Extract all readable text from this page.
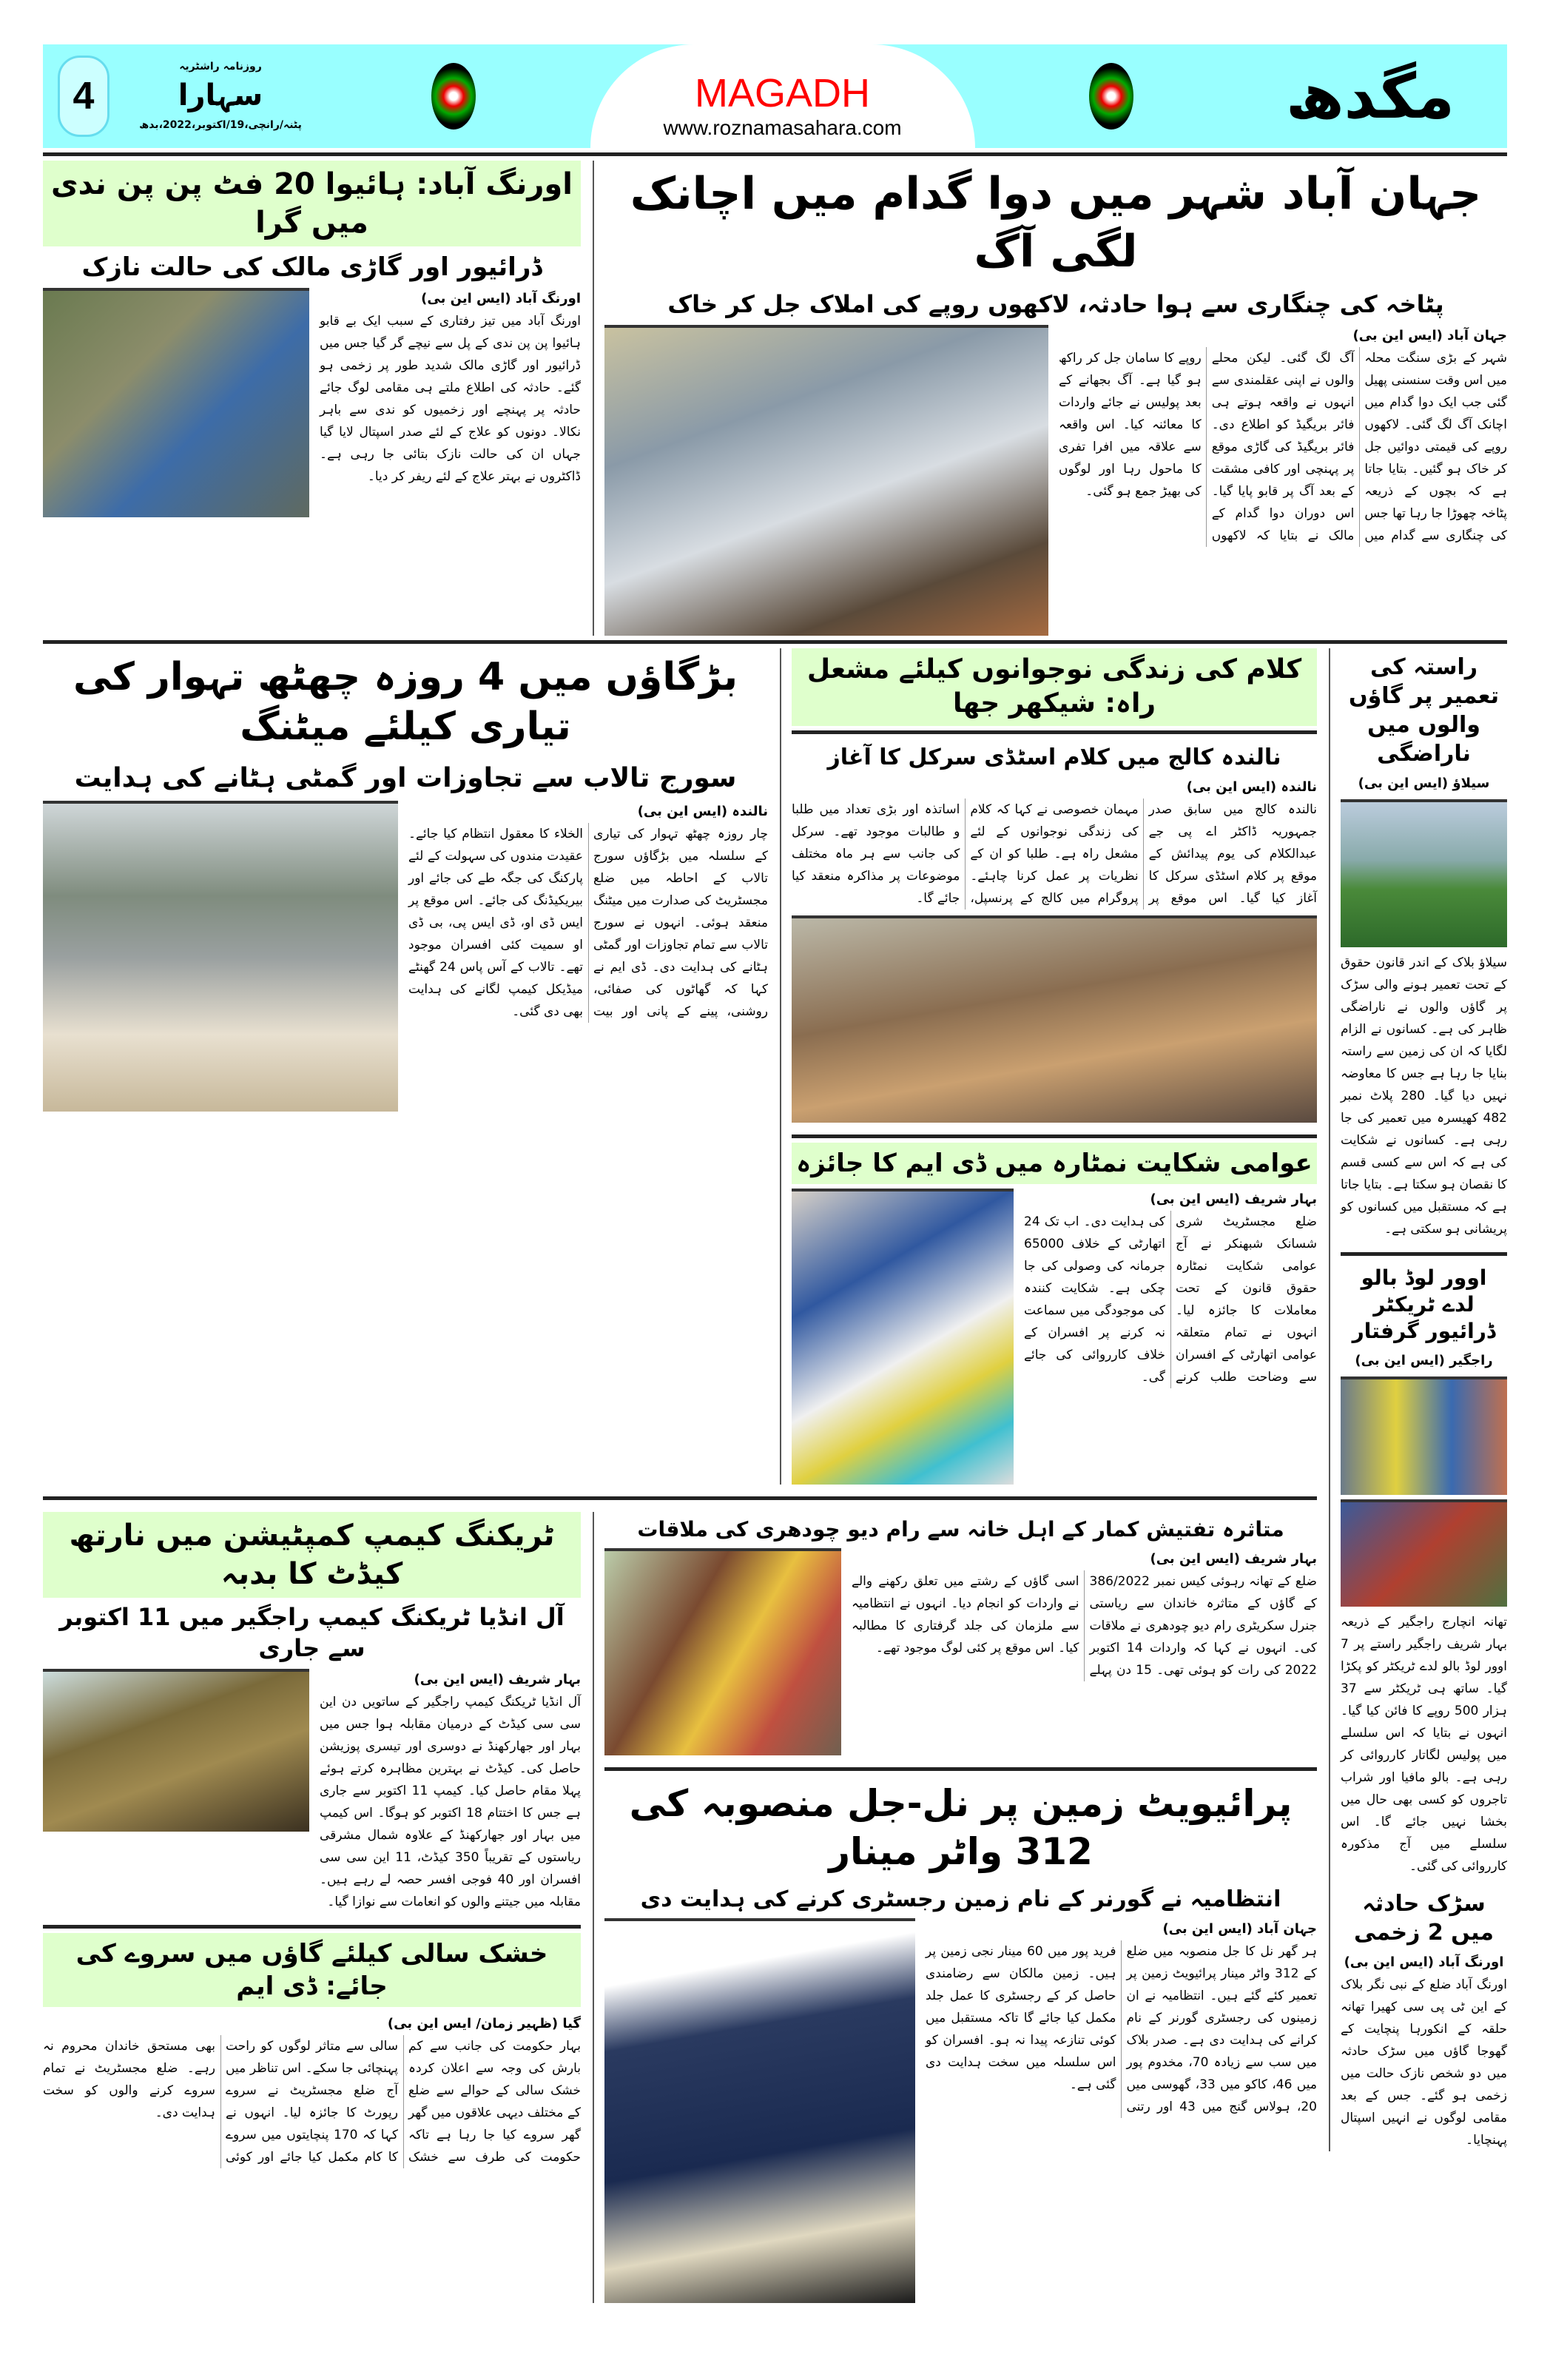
4
روزنامہ راشٹریہ
سہارا
پٹنہ/رانچی،19/اکتوبر،2022،بدھ
MAGADH
www.roznamasahara.com	مگدھ
اورنگ آباد: ہائیوا 20 فٹ پن پن ندی میں گرا
ڈرائیور اور گاڑی مالک کی حالت نازک
اورنگ آباد (ایس این بی)
اورنگ آباد میں تیز رفتاری کے سبب ایک بے قابو ہائیوا پن پن ندی کے پل سے نیچے گر گیا جس میں ڈرائیور اور گاڑی مالک شدید طور پر زخمی ہو گئے۔ حادثہ کی اطلاع ملتے ہی مقامی لوگ جائے حادثہ پر پہنچے اور زخمیوں کو ندی سے باہر نکالا۔ دونوں کو علاج کے لئے صدر اسپتال لایا گیا جہاں ان کی حالت نازک بتائی جا رہی ہے۔ ڈاکٹروں نے بہتر علاج کے لئے ریفر کر دیا۔
جہان آباد شہر میں دوا گدام میں اچانک لگی آگ
پٹاخہ کی چنگاری سے ہوا حادثہ، لاکھوں روپے کی املاک جل کر خاک
جہان آباد (ایس این بی)
شہر کے بڑی سنگت محلہ میں اس وقت سنسنی پھیل گئی جب ایک دوا گدام میں اچانک آگ لگ گئی۔ لاکھوں روپے کی قیمتی دوائیں جل کر خاک ہو گئیں۔ بتایا جاتا ہے کہ بچوں کے ذریعہ پٹاخہ چھوڑا جا رہا تھا جس کی چنگاری سے گدام میں آگ لگ گئی۔ لیکن محلے والوں نے اپنی عقلمندی سے انہوں نے واقعہ ہوتے ہی فائر بریگیڈ کو اطلاع دی۔ فائر بریگیڈ کی گاڑی موقع پر پہنچی اور کافی مشقت کے بعد آگ پر قابو پایا گیا۔ اس دوران دوا گدام کے مالک نے بتایا کہ لاکھوں روپے کا سامان جل کر راکھ ہو گیا ہے۔ آگ بجھانے کے بعد پولیس نے جائے واردات کا معائنہ کیا۔ اس واقعہ سے علاقہ میں افرا تفری کا ماحول رہا اور لوگوں کی بھیڑ جمع ہو گئی۔
بڑگاؤں میں 4 روزہ چھٹھ تہوار کی تیاری کیلئے میٹنگ
سورج تالاب سے تجاوزات اور گمٹی ہٹانے کی ہدایت
نالندہ (ایس این بی)
چار روزہ چھٹھ تہوار کی تیاری کے سلسلہ میں بڑگاؤں سورج تالاب کے احاطہ میں ضلع مجسٹریٹ کی صدارت میں میٹنگ منعقد ہوئی۔ انہوں نے سورج تالاب سے تمام تجاوزات اور گمٹی ہٹانے کی ہدایت دی۔ ڈی ایم نے کہا کہ گھاٹوں کی صفائی، روشنی، پینے کے پانی اور بیت الخلاء کا معقول انتظام کیا جائے۔ عقیدت مندوں کی سہولت کے لئے پارکنگ کی جگہ طے کی جائے اور بیریکیڈنگ کی جائے۔ اس موقع پر ایس ڈی او، ڈی ایس پی، بی ڈی او سمیت کئی افسران موجود تھے۔ تالاب کے آس پاس 24 گھنٹے میڈیکل کیمپ لگانے کی ہدایت بھی دی گئی۔
کلام کی زندگی نوجوانوں کیلئے مشعل راہ: شیکھر جھا
نالندہ کالج میں کلام اسٹڈی سرکل کا آغاز
نالندہ (ایس این بی)
نالندہ کالج میں سابق صدر جمہوریہ ڈاکٹر اے پی جے عبدالکلام کی یوم پیدائش کے موقع پر کلام اسٹڈی سرکل کا آغاز کیا گیا۔ اس موقع پر مہمان خصوصی نے کہا کہ کلام کی زندگی نوجوانوں کے لئے مشعل راہ ہے۔ طلبا کو ان کے نظریات پر عمل کرنا چاہئے۔ پروگرام میں کالج کے پرنسپل، اساتذہ اور بڑی تعداد میں طلبا و طالبات موجود تھے۔ سرکل کی جانب سے ہر ماہ مختلف موضوعات پر مذاکرہ منعقد کیا جائے گا۔
عوامی شکایت نمٹارہ میں ڈی ایم کا جائزہ
بہار شریف (ایس این بی)
ضلع مجسٹریٹ شری شسانک شبھنکر نے آج عوامی شکایت نمٹارہ حقوق قانون کے تحت معاملات کا جائزہ لیا۔ انہوں نے تمام متعلقہ عوامی اتھارٹی کے افسران سے وضاحت طلب کرنے کی ہدایت دی۔ اب تک 24 اتھارٹی کے خلاف 65000 جرمانہ کی وصولی کی جا چکی ہے۔ شکایت کنندہ کی موجودگی میں سماعت نہ کرنے پر افسران کے خلاف کارروائی کی جائے گی۔
ٹریکنگ کیمپ کمپٹیشن میں نارتھ کیڈٹ کا بدبہ
آل انڈیا ٹریکنگ کیمپ راجگیر میں 11 اکتوبر سے جاری
بہار شریف (ایس این بی)
آل انڈیا ٹریکنگ کیمپ راجگیر کے ساتویں دن این سی سی کیڈٹ کے درمیان مقابلہ ہوا جس میں بہار اور جھارکھنڈ نے دوسری اور تیسری پوزیشن حاصل کی۔ کیڈٹ نے بہترین مظاہرہ کرتے ہوئے پہلا مقام حاصل کیا۔ کیمپ 11 اکتوبر سے جاری ہے جس کا اختتام 18 اکتوبر کو ہوگا۔ اس کیمپ میں بہار اور جھارکھنڈ کے علاوہ شمال مشرقی ریاستوں کے تقریباً 350 کیڈٹ، 11 این سی سی افسران اور 40 فوجی افسر حصہ لے رہے ہیں۔ مقابلہ میں جیتنے والوں کو انعامات سے نوازا گیا۔
خشک سالی کیلئے گاؤں میں سروے کی جائے: ڈی ایم
گیا (ظہیر زمان/ ایس این بی)
بہار حکومت کی جانب سے کم بارش کی وجہ سے اعلان کردہ خشک سالی کے حوالے سے ضلع کے مختلف دیہی علاقوں میں گھر گھر سروے کیا جا رہا ہے تاکہ حکومت کی طرف سے خشک سالی سے متاثر لوگوں کو راحت پہنچائی جا سکے۔ اس تناظر میں آج ضلع مجسٹریٹ نے سروے رپورٹ کا جائزہ لیا۔ انہوں نے کہا کہ 170 پنچایتوں میں سروے کا کام مکمل کیا جائے اور کوئی بھی مستحق خاندان محروم نہ رہے۔ ضلع مجسٹریٹ نے تمام سروے کرنے والوں کو سخت ہدایت دی۔
متاثرہ تفتیش کمار کے اہل خانہ سے رام دیو چودھری کی ملاقات
بہار شریف (ایس این بی)
ضلع کے تھانہ رہوئی کیس نمبر 386/2022 کے گاؤں کے متاثرہ خاندان سے ریاستی جنرل سکریٹری رام دیو چودھری نے ملاقات کی۔ انہوں نے کہا کہ واردات 14 اکتوبر 2022 کی رات کو ہوئی تھی۔ 15 دن پہلے اسی گاؤں کے رشتے میں تعلق رکھنے والے نے واردات کو انجام دیا۔ انہوں نے انتظامیہ سے ملزمان کی جلد گرفتاری کا مطالبہ کیا۔ اس موقع پر کئی لوگ موجود تھے۔
پرائیویٹ زمین پر نل-جل منصوبہ کی 312 واٹر مینار
انتظامیہ نے گورنر کے نام زمین رجسٹری کرنے کی ہدایت دی
جہان آباد (ایس این بی)
ہر گھر نل کا جل منصوبہ میں ضلع کے 312 واٹر مینار پرائیویٹ زمین پر تعمیر کئے گئے ہیں۔ انتظامیہ نے ان زمینوں کی رجسٹری گورنر کے نام کرانے کی ہدایت دی ہے۔ صدر بلاک میں سب سے زیادہ 70، مخدوم پور میں 46، کاکو میں 33، گھوسی میں 20، ہولاس گنج میں 43 اور رتنی فرید پور میں 60 مینار نجی زمین پر ہیں۔ زمین مالکان سے رضامندی حاصل کر کے رجسٹری کا عمل جلد مکمل کیا جائے گا تاکہ مستقبل میں کوئی تنازعہ پیدا نہ ہو۔ افسران کو اس سلسلہ میں سخت ہدایت دی گئی ہے۔
راستہ کی تعمیر پر گاؤں والوں میں ناراضگی
سیلاؤ (ایس این بی)
سیلاؤ بلاک کے اندر قانون حقوق کے تحت تعمیر ہونے والی سڑک پر گاؤں والوں نے ناراضگی ظاہر کی ہے۔ کسانوں نے الزام لگایا کہ ان کی زمین سے راستہ بنایا جا رہا ہے جس کا معاوضہ نہیں دیا گیا۔ 280 پلاٹ نمبر 482 کھیسرہ میں تعمیر کی جا رہی ہے۔ کسانوں نے شکایت کی ہے کہ اس سے کسی قسم کا نقصان ہو سکتا ہے۔ بتایا جاتا ہے کہ مستقبل میں کسانوں کو پریشانی ہو سکتی ہے۔
اوور لوڈ بالو لدے ٹریکٹر ڈرائیور گرفتار
راجگیر (ایس این بی)
تھانہ انچارج راجگیر کے ذریعہ بہار شریف راجگیر راستے پر 7 اوور لوڈ بالو لدے ٹریکٹر کو پکڑا گیا۔ ساتھ ہی ٹریکٹر سے 37 ہزار 500 روپے کا فائن کیا گیا۔ انہوں نے بتایا کہ اس سلسلے میں پولیس لگاتار کارروائی کر رہی ہے۔ بالو مافیا اور شراب تاجروں کو کسی بھی حال میں بخشا نہیں جائے گا۔ اس سلسلے میں آج مذکورہ کارروائی کی گئی۔
سڑک حادثہ میں 2 زخمی
اورنگ آباد (ایس این بی)
اورنگ آباد ضلع کے نبی نگر بلاک کے این ٹی پی سی کھیرا تھانہ حلقہ کے انکورہا پنچایت کے گھوجا گاؤں میں سڑک حادثہ میں دو شخص نازک حالت میں زخمی ہو گئے۔ جس کے بعد مقامی لوگوں نے انہیں اسپتال پہنچایا۔
